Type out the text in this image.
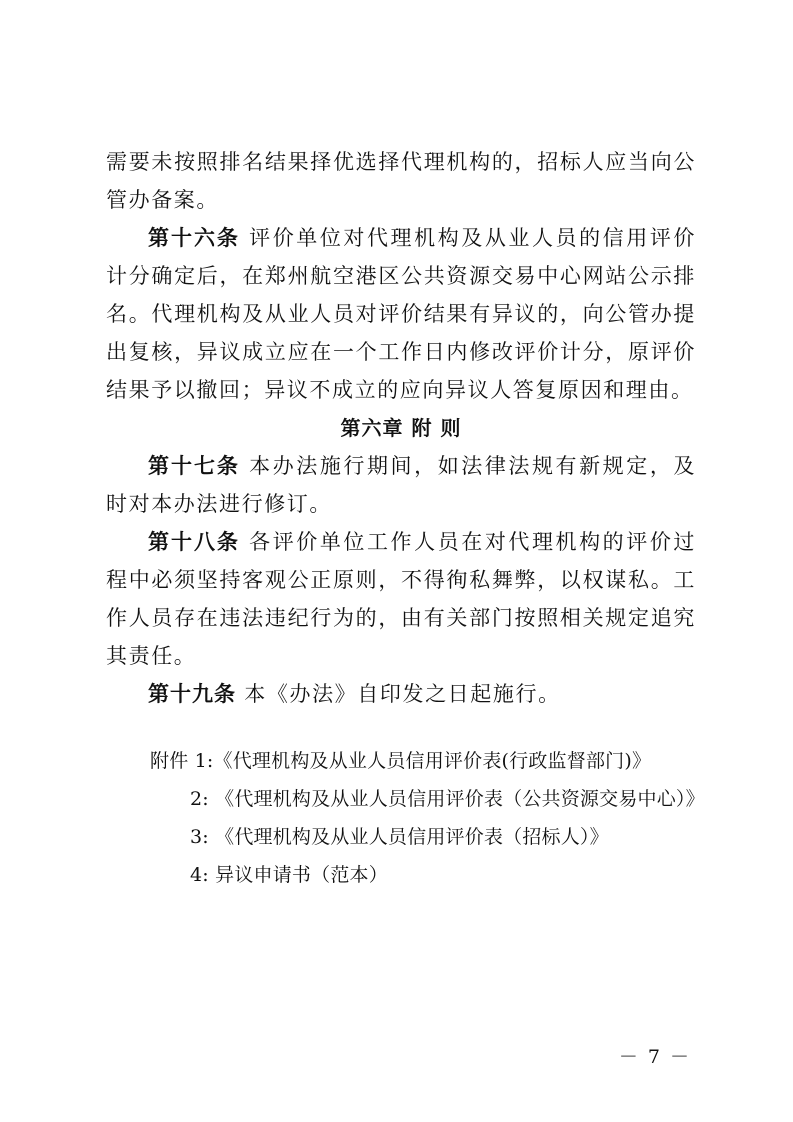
需要未按照排名结果择优选择代理机构的，招标人应当向公管办备案。

第十六条 评价单位对代理机构及从业人员的信用评价计分确定后，在郑州航空港区公共资源交易中心网站公示排名。代理机构及从业人员对评价结果有异议的，向公管办提出复核，异议成立应在一个工作日内修改评价计分，原评价结果予以撤回；异议不成立的应向异议人答复原因和理由。

第六章 附 则

第十七条 本办法施行期间，如法律法规有新规定，及时对本办法进行修订。

第十八条 各评价单位工作人员在对代理机构的评价过程中必须坚持客观公正原则，不得徇私舞弊，以权谋私。工作人员存在违法违纪行为的，由有关部门按照相关规定追究其责任。

第十九条 本《办法》自印发之日起施行。

附件 1:《代理机构及从业人员信用评价表(行政监督部门)》

2: 《代理机构及从业人员信用评价表（公共资源交易中心）》

3: 《代理机构及从业人员信用评价表（招标人）》

4: 异议申请书（范本）

－ 7 －
